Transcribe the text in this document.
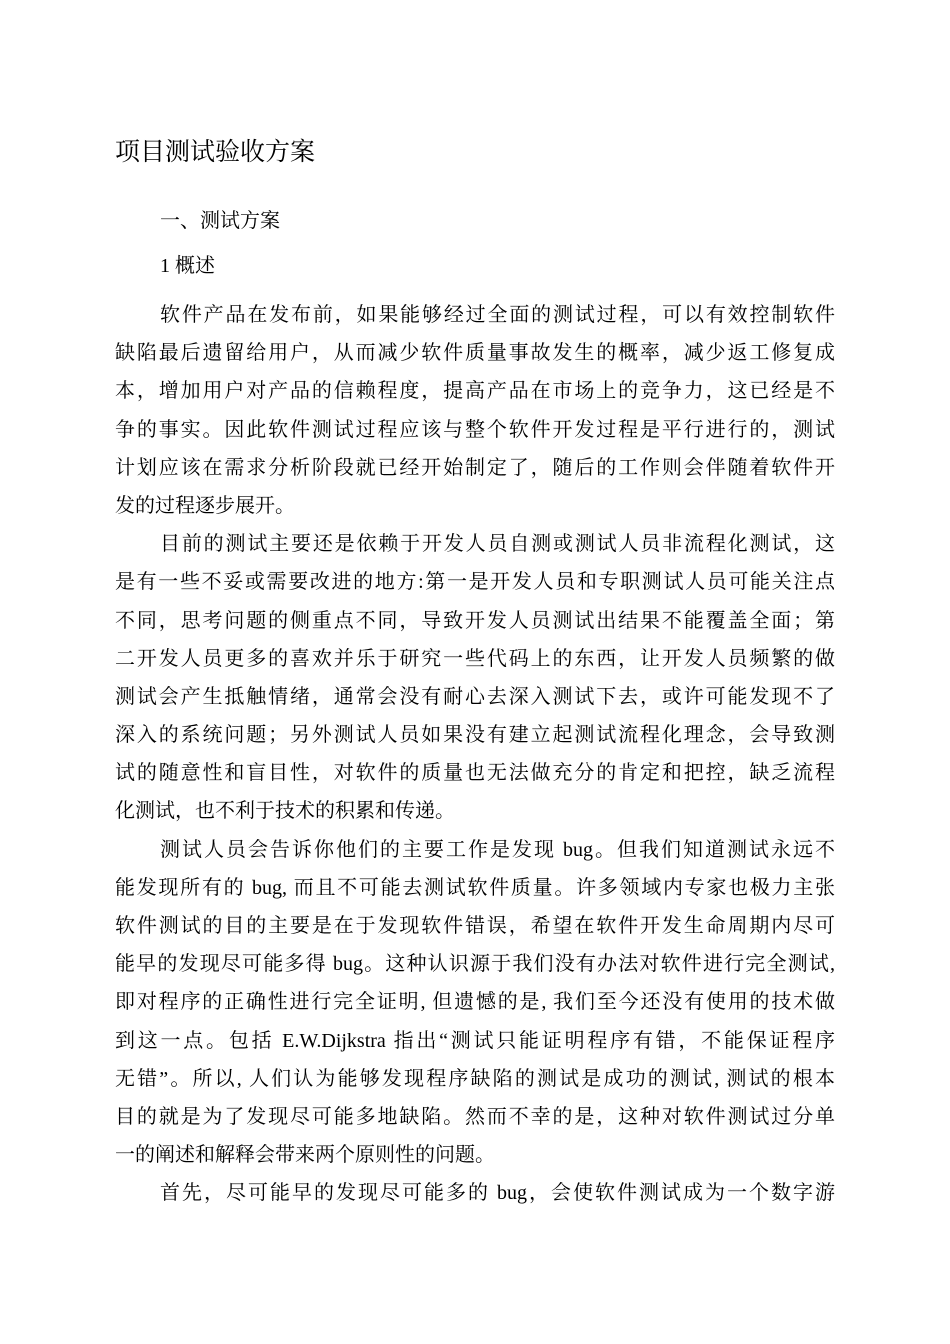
项目测试验收方案
一、测试方案
1 概述
软件产品在发布前，如果能够经过全面的测试过程，可以有效控制软件
缺陷最后遗留给用户，从而减少软件质量事故发生的概率，减少返工修复成
本，增加用户对产品的信赖程度，提高产品在市场上的竞争力，这已经是不
争的事实。因此软件测试过程应该与整个软件开发过程是平行进行的，测试
计划应该在需求分析阶段就已经开始制定了，随后的工作则会伴随着软件开
发的过程逐步展开。
目前的测试主要还是依赖于开发人员自测或测试人员非流程化测试，这
是有一些不妥或需要改进的地方:第一是开发人员和专职测试人员可能关注点
不同，思考问题的侧重点不同，导致开发人员测试出结果不能覆盖全面；第
二开发人员更多的喜欢并乐于研究一些代码上的东西，让开发人员频繁的做
测试会产生抵触情绪，通常会没有耐心去深入测试下去，或许可能发现不了
深入的系统问题；另外测试人员如果没有建立起测试流程化理念，会导致测
试的随意性和盲目性，对软件的质量也无法做充分的肯定和把控，缺乏流程
化测试，也不利于技术的积累和传递。
测试人员会告诉你他们的主要工作是发现 bug。但我们知道测试永远不
能发现所有的 bug, 而且不可能去测试软件质量。许多领域内专家也极力主张
软件测试的目的主要是在于发现软件错误，希望在软件开发生命周期内尽可
能早的发现尽可能多得 bug。这种认识源于我们没有办法对软件进行完全测试,
即对程序的正确性进行完全证明, 但遗憾的是, 我们至今还没有使用的技术做
到这一点。包括 E.W.Dijkstra 指出“测试只能证明程序有错，不能保证程序
无错”。所以, 人们认为能够发现程序缺陷的测试是成功的测试, 测试的根本
目的就是为了发现尽可能多地缺陷。然而不幸的是，这种对软件测试过分单
一的阐述和解释会带来两个原则性的问题。
首先，尽可能早的发现尽可能多的 bug，会使软件测试成为一个数字游
